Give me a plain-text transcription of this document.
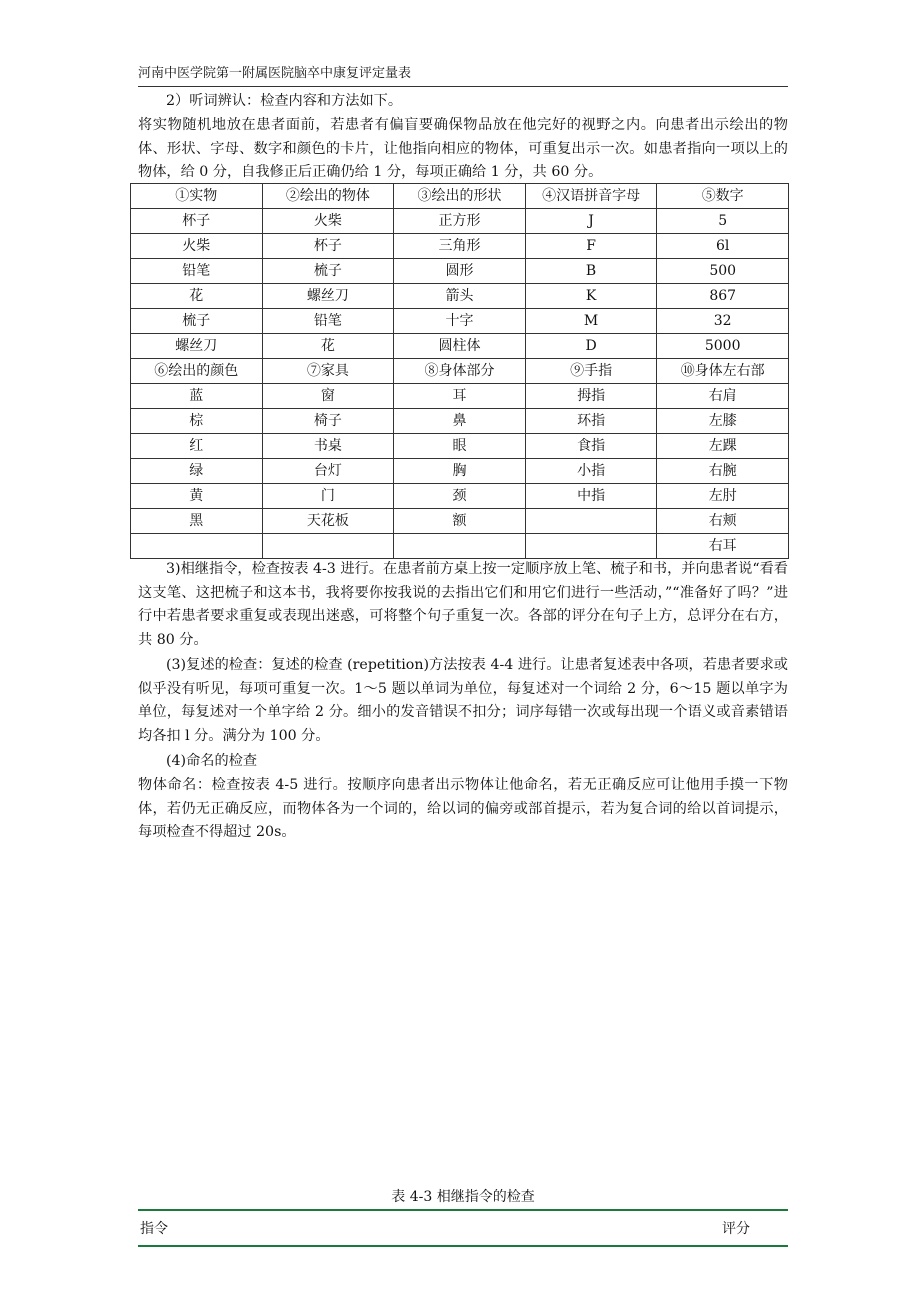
河南中医学院第一附属医院脑卒中康复评定量表

2）听词辨认：检查内容和方法如下。

将实物随机地放在患者面前，若患者有偏盲要确保物品放在他完好的视野之内。向患者出示绘出的物体、形状、字母、数字和颜色的卡片，让他指向相应的物体，可重复出示一次。如患者指向一项以上的物体，给 0 分，自我修正后正确仍给 1 分，每项正确给 1 分，共 60 分。

①实物	②绘出的物体	③绘出的形状	④汉语拼音字母	⑤数字
杯子	火柴	正方形	J	5
火柴	杯子	三角形	F	6l
铅笔	梳子	圆形	B	500
花	螺丝刀	箭头	K	867
梳子	铅笔	十字	M	32
螺丝刀	花	圆柱体	D	5000
⑥绘出的颜色	⑦家具	⑧身体部分	⑨手指	⑩身体左右部
蓝	窗	耳	拇指	右肩
棕	椅子	鼻	环指	左膝
红	书桌	眼	食指	左踝
绿	台灯	胸	小指	右腕
黄	门	颈	中指	左肘
黑	天花板	额		右颊
				右耳

3)相继指令，检查按表 4-3 进行。在患者前方桌上按一定顺序放上笔、梳子和书，并向患者说“看看这支笔、这把梳子和这本书，我将要你按我说的去指出它们和用它们进行一些活动，”“准备好了吗？”进行中若患者要求重复或表现出迷惑，可将整个句子重复一次。各部的评分在句子上方，总评分在右方，共 80 分。

(3)复述的检查：复述的检查 (repetition)方法按表 4-4 进行。让患者复述表中各项，若患者要求或似乎没有听见，每项可重复一次。1～5 题以单词为单位，每复述对一个词给 2 分，6～15 题以单字为单位，每复述对一个单字给 2 分。细小的发音错误不扣分；词序每错一次或每出现一个语义或音素错语均各扣 l 分。满分为 100 分。

(4)命名的检查

物体命名：检查按表 4-5 进行。按顺序向患者出示物体让他命名，若无正确反应可让他用手摸一下物体，若仍无正确反应，而物体各为一个词的，给以词的偏旁或部首提示，若为复合词的给以首词提示，每项检查不得超过 20s。

表 4-3 相继指令的检查
指令	评分
